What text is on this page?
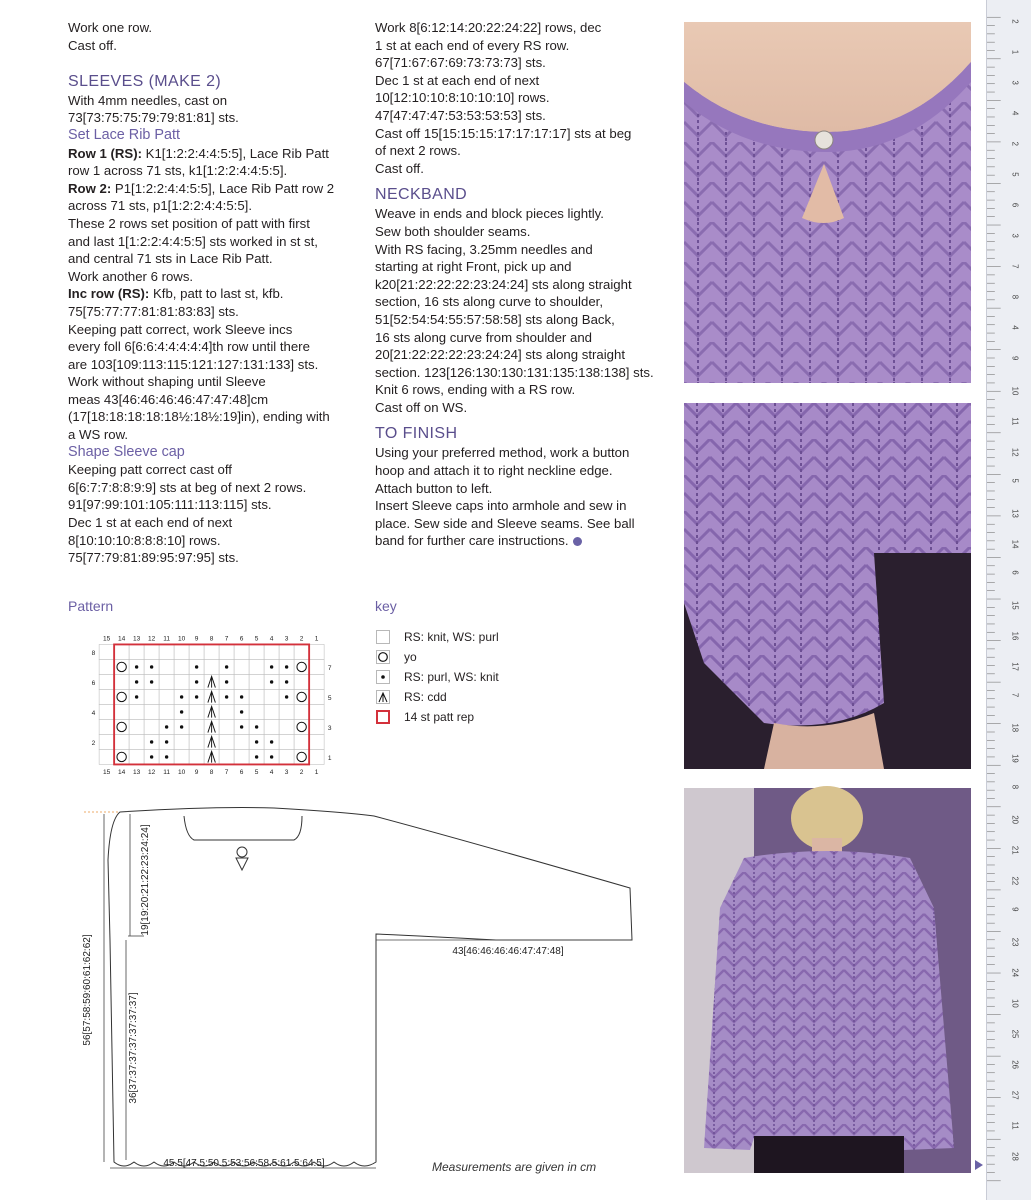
Work one row.

Cast off.

SLEEVES (MAKE 2)

With 4mm needles, cast on

73[73:75:75:79:79:81:81] sts.

Set Lace Rib Patt

Row 1 (RS): K1[1:2:2:4:4:5:5], Lace Rib Patt

row 1 across 71 sts, k1[1:2:2:4:4:5:5].

Row 2: P1[1:2:2:4:4:5:5], Lace Rib Patt row 2

across 71 sts, p1[1:2:2:4:4:5:5].

These 2 rows set position of patt with first

and last 1[1:2:2:4:4:5:5] sts worked in st st,

and central 71 sts in Lace Rib Patt.

Work another 6 rows.

Inc row (RS): Kfb, patt to last st, kfb.

75[75:77:77:81:81:83:83] sts.

Keeping patt correct, work Sleeve incs

every foll 6[6:6:4:4:4:4:4]th row until there

are 103[109:113:115:121:127:131:133] sts.

Work without shaping until Sleeve

meas 43[46:46:46:46:47:47:48]cm

(17[18:18:18:18:18½:18½:19]in), ending with

a WS row.

Shape Sleeve cap

Keeping patt correct cast off

6[6:7:7:8:8:9:9] sts at beg of next 2 rows.

91[97:99:101:105:111:113:115] sts.

Dec 1 st at each end of next

8[10:10:10:8:8:8:10] rows.

75[77:79:81:89:95:97:95] sts.

Work 8[6:12:14:20:22:24:22] rows, dec

1 st at each end of every RS row.

67[71:67:67:69:73:73:73] sts.

Dec 1 st at each end of next

10[12:10:10:8:10:10:10] rows.

47[47:47:47:53:53:53:53] sts.

Cast off 15[15:15:15:17:17:17:17] sts at beg

of next 2 rows.

Cast off.

NECKBAND

Weave in ends and block pieces lightly.

Sew both shoulder seams.

With RS facing, 3.25mm needles and

starting at right Front, pick up and

k20[21:22:22:22:23:24:24] sts along straight

section, 16 sts along curve to shoulder,

51[52:54:54:55:57:58:58] sts along Back,

16 sts along curve from shoulder and

20[21:22:22:22:23:24:24] sts along straight

section. 123[126:130:130:131:135:138:138] sts.

Knit 6 rows, ending with a RS row.

Cast off on WS.

TO FINISH

Using your preferred method, work a button

hoop and attach it to right neckline edge.

Attach button to left.

Insert Sleeve caps into armhole and sew in

place. Sew side and Sleeve seams. See ball

band for further care instructions.

Pattern	key
15
15
14
14
13
13
12
12
11
11
10
10
9
9
8
8
7
7
6
6
5
5
4
4
3
3
2
2
1
1
8
6
4
2
7
5
3
1
RS: knit, WS: purl
yo
RS: purl, WS: knit
RS: cdd
14 st patt rep
56[57:58:59:60:61:62:62]
19[19:20:21:22:23:24:24]
36[37:37:37:37:37:37:37]
43[46:46:46:46:47:47:48]
45.5[47.5:50.5:53:56:58.5:61.5:64.5]	Measurements are given in cm
2
1
3
4
2
5
6
3
7
8
4
9
10
11
12
5
13
14
6
15
16
17
7
18
19
8
20
21
22
9
23
24
10
25
26
27
11
28
